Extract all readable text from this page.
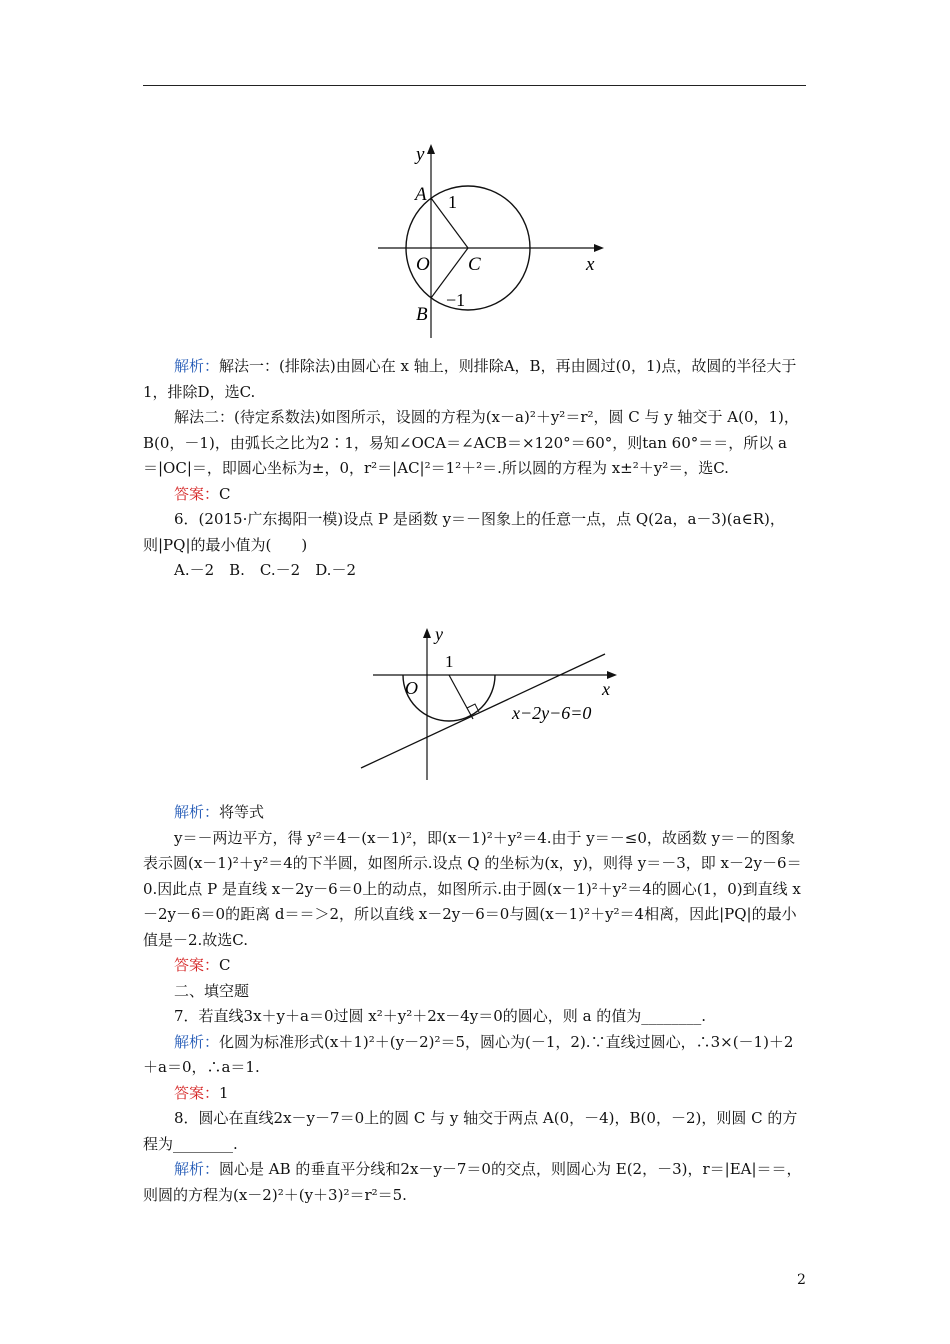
y
A 1
O C	x
−1
B

解析：解法一：(排除法)由圆心在 x 轴上，则排除A，B，再由圆过(0，1)点，故圆的半径大于1，排除D，选C.

解法二：(待定系数法)如图所示，设圆的方程为(x－a)²＋y²＝r²，圆 C 与 y 轴交于 A(0，1)，B(0，－1)，由弧长之比为2∶1，易知∠OCA＝∠ACB＝×120°＝60°，则tan 60°＝＝，所以 a＝|OC|＝，即圆心坐标为±，0，r²＝|AC|²＝1²＋²＝.所以圆的方程为 x±²＋y²＝，选C.

答案：C

6．(2015·广东揭阳一模)设点 P 是函数 y＝－图象上的任意一点，点 Q(2a，a－3)(a∈R)，则|PQ|的最小值为(　　)

A.－2　B.　C.－2　D.－2

y
1
O	x
x−2y−6=0

解析：将等式

y＝－两边平方，得 y²＝4－(x－1)²，即(x－1)²＋y²＝4.由于 y＝－≤0，故函数 y＝－的图象表示圆(x－1)²＋y²＝4的下半圆，如图所示.设点 Q 的坐标为(x，y)，则得 y＝－3，即 x－2y－6＝0.因此点 P 是直线 x－2y－6＝0上的动点，如图所示.由于圆(x－1)²＋y²＝4的圆心(1，0)到直线 x－2y－6＝0的距离 d＝＝＞2，所以直线 x－2y－6＝0与圆(x－1)²＋y²＝4相离，因此|PQ|的最小值是－2.故选C.

答案：C

二、填空题

7．若直线3x＋y＋a＝0过圆 x²＋y²＋2x－4y＝0的圆心，则 a 的值为________.

解析：化圆为标准形式(x＋1)²＋(y－2)²＝5，圆心为(－1，2).∵直线过圆心，∴3×(－1)＋2＋a＝0，∴a＝1.

答案：1

8．圆心在直线2x－y－7＝0上的圆 C 与 y 轴交于两点 A(0，－4)，B(0，－2)，则圆 C 的方程为________.

解析：圆心是 AB 的垂直平分线和2x－y－7＝0的交点，则圆心为 E(2，－3)，r＝|EA|＝＝，则圆的方程为(x－2)²＋(y＋3)²＝r²＝5.

2
